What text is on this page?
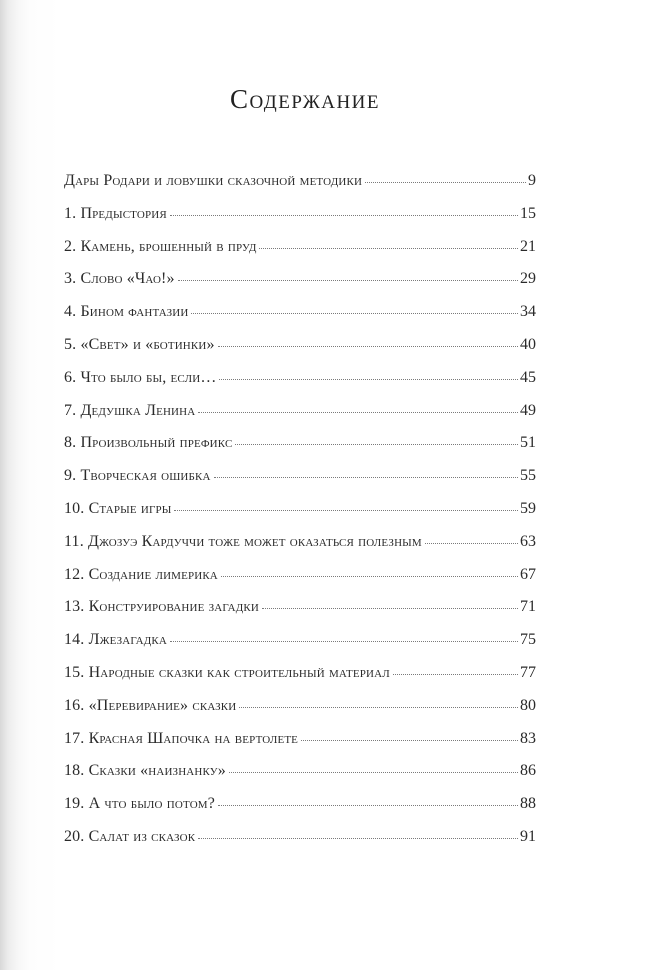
Содержание
Дары Родари и ловушки сказочной методики	9
1. Предыстория	15
2. Камень, брошенный в пруд	21
3. Слово «Чао!»	29
4. Бином фантазии	34
5. «Свет» и «ботинки»	40
6. Что было бы, если…	45
7. Дедушка Ленина	49
8. Произвольный префикс	51
9. Творческая ошибка	55
10. Старые игры	59
11. Джозуэ Кардуччи тоже может оказаться полезным	63
12. Создание лимерика	67
13. Конструирование загадки	71
14. Лжезагадка	75
15. Народные сказки как строительный материал	77
16. «Перевирание» сказки	80
17. Красная Шапочка на вертолете	83
18. Сказки «наизнанку»	86
19. А что было потом?	88
20. Салат из сказок	91
